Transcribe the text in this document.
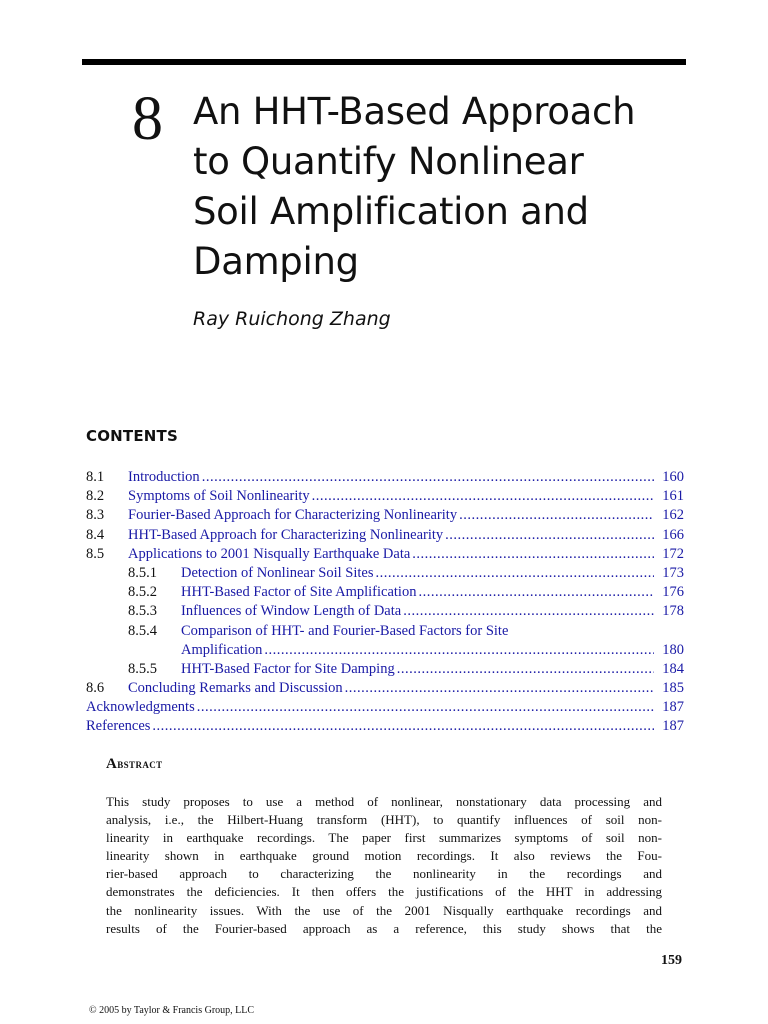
8 An HHT-Based Approach
to Quantify Nonlinear
Soil Amplification and
Damping
Ray Ruichong Zhang
CONTENTS
8.1	Introduction .....	160
8.2	Symptoms of Soil Nonlinearity .....	161
8.3	Fourier-Based Approach for Characterizing Nonlinearity .....	162
8.4	HHT-Based Approach for Characterizing Nonlinearity .....	166
8.5	Applications to 2001 Nisqually Earthquake Data .....	172
8.5.1	Detection of Nonlinear Soil Sites .....	173
8.5.2	HHT-Based Factor of Site Amplification .....	176
8.5.3	Influences of Window Length of Data .....	178
8.5.4	Comparison of HHT- and Fourier-Based Factors for Site
Amplification .....	180
8.5.5	HHT-Based Factor for Site Damping .....	184
8.6	Concluding Remarks and Discussion .....	185
Acknowledgments .....	187
References .....	187
Abstract

This study proposes to use a method of nonlinear, nonstationary data processing and
analysis, i.e., the Hilbert-Huang transform (HHT), to quantify influences of soil non-
linearity in earthquake recordings. The paper first summarizes symptoms of soil non-
linearity shown in earthquake ground motion recordings. It also reviews the Fou-
rier-based approach to characterizing the nonlinearity in the recordings and
demonstrates the deficiencies. It then offers the justifications of the HHT in addressing
the nonlinearity issues. With the use of the 2001 Nisqually earthquake recordings and
results of the Fourier-based approach as a reference, this study shows that the

159
© 2005 by Taylor & Francis Group, LLC
